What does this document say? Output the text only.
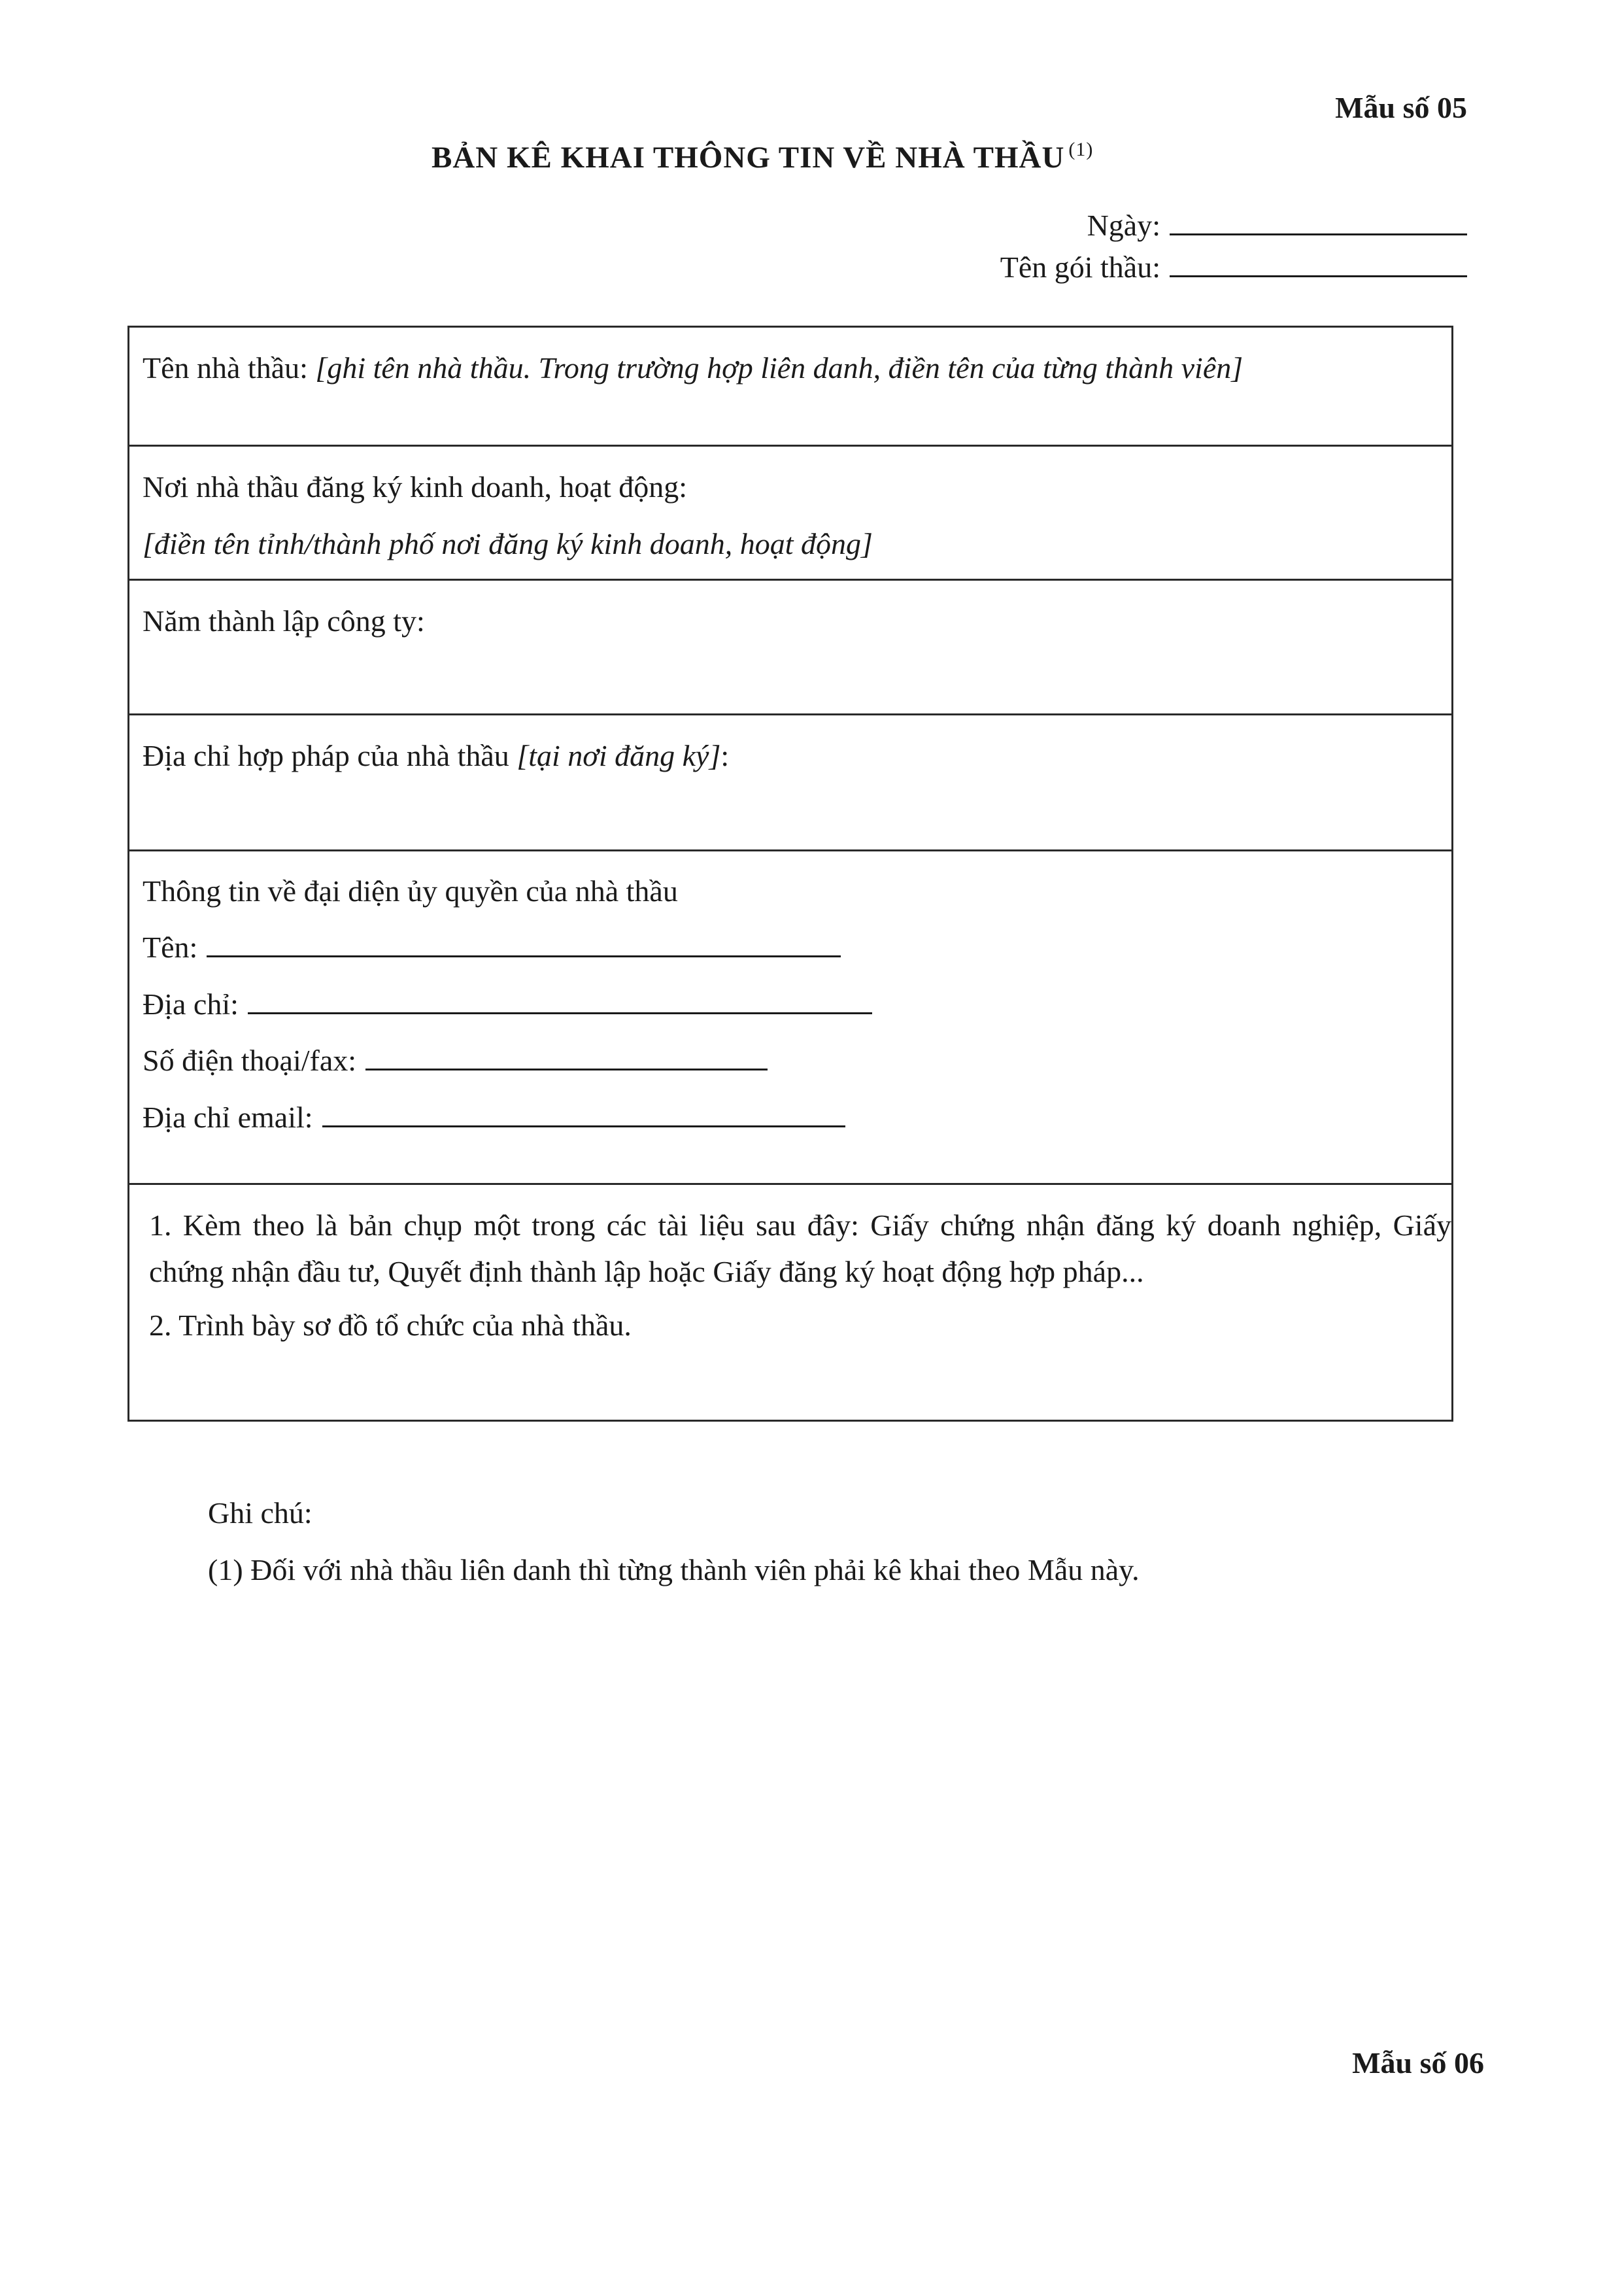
Mẫu số 05
BẢN KÊ KHAI THÔNG TIN VỀ NHÀ THẦU $^{(1)}$
Ngày:
Tên gói thầu:
Tên nhà thầu: [ghi tên nhà thầu. Trong trường hợp liên danh, điền tên của từng thành viên]
Nơi nhà thầu đăng ký kinh doanh, hoạt động:
[điền tên tỉnh/thành phố nơi đăng ký kinh doanh, hoạt động]
Năm thành lập công ty:
Địa chỉ hợp pháp của nhà thầu [tại nơi đăng ký]:
Thông tin về đại diện ủy quyền của nhà thầu
Tên:
Địa chỉ:
Số điện thoại/fax:
Địa chỉ email:
1. Kèm theo là bản chụp một trong các tài liệu sau đây: Giấy chứng nhận đăng ký doanh nghiệp, Giấy chứng nhận đầu tư, Quyết định thành lập hoặc Giấy đăng ký hoạt động hợp pháp...
2. Trình bày sơ đồ tổ chức của nhà thầu.
Ghi chú:
(1) Đối với nhà thầu liên danh thì từng thành viên phải kê khai theo Mẫu này.
Mẫu số 06
